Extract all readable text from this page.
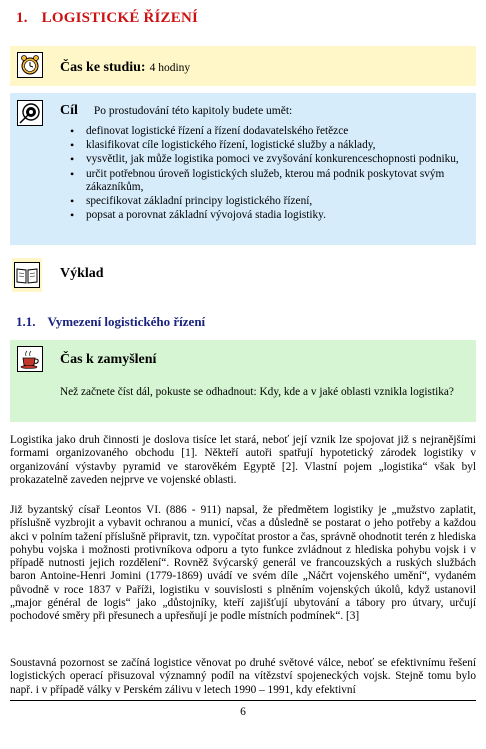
1. LOGISTICKÉ ŘÍZENÍ
Čas ke studiu: 4 hodiny
Cíl Po prostudování této kapitoly budete umět:
• definovat logistické řízení a řízení dodavatelského řetězce
• klasifikovat cíle logistického řízení, logistické služby a náklady,
• vysvětlit, jak může logistika pomoci ve zvyšování konkurenceschopnosti podniku,
• určit potřebnou úroveň logistických služeb, kterou má podnik poskytovat svým zákazníkům,
• specifikovat základní principy logistického řízení,
• popsat a porovnat základní vývojová stadia logistiky.
Výklad
1.1. Vymezení logistického řízení
Čas k zamyšlení
Než začnete číst dál, pokuste se odhadnout: Kdy, kde a v jaké oblasti vznikla logistika?

Logistika jako druh činnosti je doslova tisíce let stará, neboť její vznik lze spojovat již s nejranějšími formami organizovaného obchodu [1]. Někteří autoři spatřují hypotetický zárodek logistiky v organizování výstavby pyramid ve starověkém Egyptě [2]. Vlastní pojem „logistika“ však byl prokazatelně zaveden nejprve ve vojenské oblasti.

Již byzantský císař Leontos VI. (886 - 911) napsal, že předmětem logistiky je „mužstvo zaplatit, příslušně vyzbrojit a vybavit ochranou a municí, včas a důsledně se postarat o jeho potřeby a každou akci v polním tažení příslušně připravit, tzn. vypočítat prostor a čas, správně ohodnotit terén z hlediska pohybu vojska i možnosti protivníkova odporu a tyto funkce zvládnout z hlediska pohybu vojsk i v případě nutnosti jejich rozdělení“. Rovněž švýcarský generál ve francouzských a ruských službách baron Antoine-Henri Jomini (1779-1869) uvádí ve svém díle „Náčrt vojenského umění“, vydaném původně v roce 1837 v Paříži, logistiku v souvislosti s plněním vojenských úkolů, když ustanovil „major général de logis“ jako „důstojníky, kteří zajišťují ubytování a tábory pro útvary, určují pochodové směry při přesunech a upřesňují je podle místních podmínek“. [3]

Soustavná pozornost se začíná logistice věnovat po druhé světové válce, neboť se efektivnímu řešení logistických operací přisuzoval významný podíl na vítězství spojeneckých vojsk. Stejně tomu bylo např. i v případě války v Perském zálivu v letech 1990 – 1991, kdy efektivní

6
